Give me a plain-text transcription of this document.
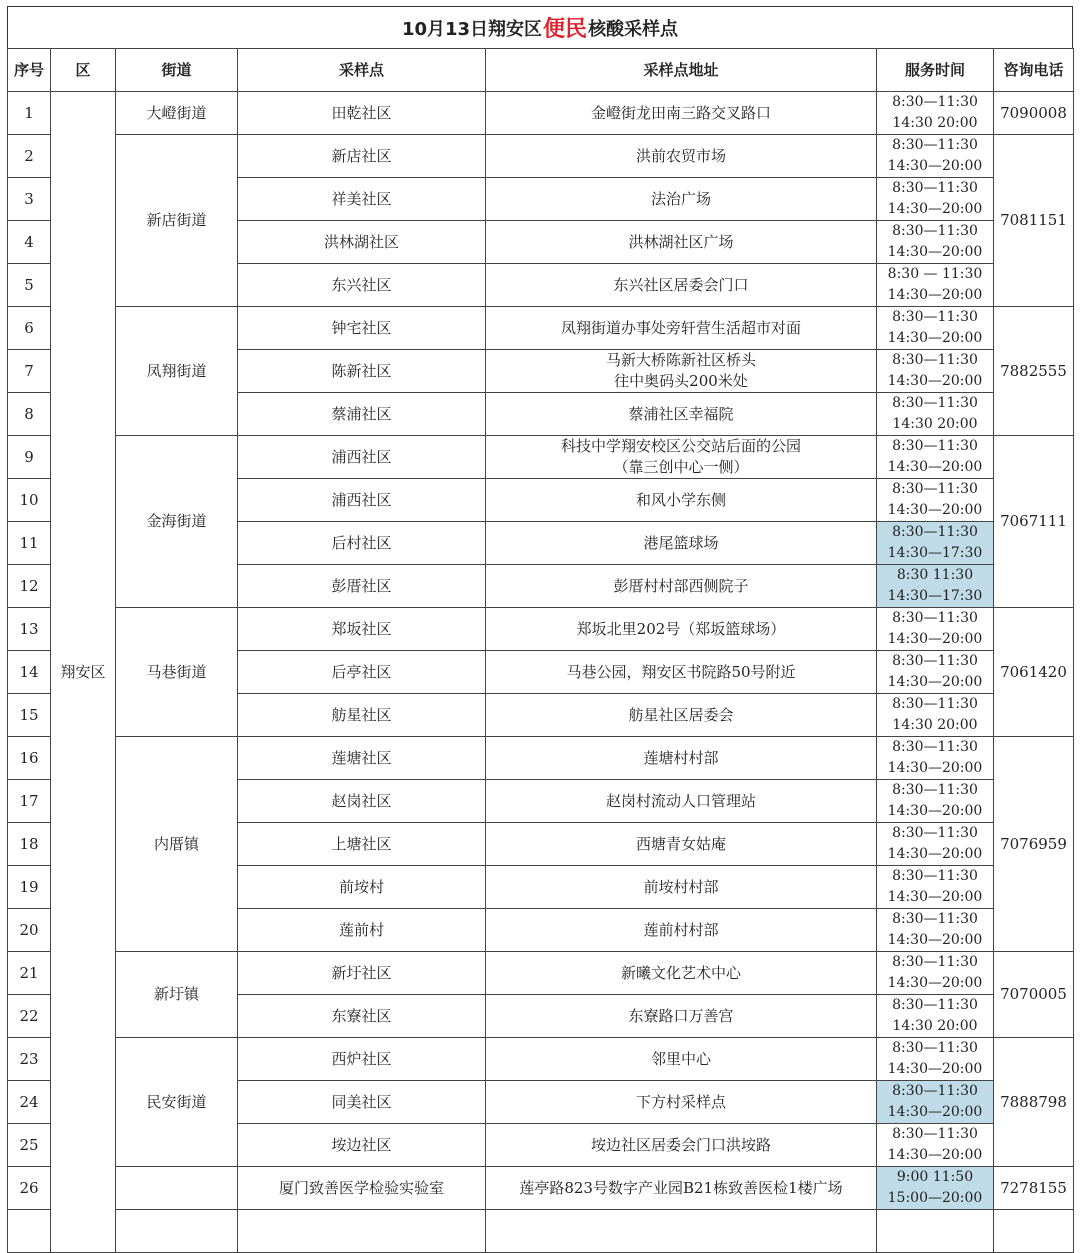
10月13日翔安区 便民 核酸采样点
序号	区	街道	采样点	采样点地址	服务时间	咨询电话
1	翔安区	大嶝街道	田乾社区	金嶝街龙田南三路交叉路口	8:30—11:30
14:30 20:00	7090008
2		新店街道	新店社区	洪前农贸市场	8:30—11:30
14:30—20:00	7081151
3			祥美社区	法治广场	8:30—11:30
14:30—20:00	

4			洪林湖社区	洪林湖社区广场	8:30—11:30
14:30—20:00	

5			东兴社区	东兴社区居委会门口	8:30 — 11:30
14:30—20:00	

6		凤翔街道	钟宅社区	凤翔街道办事处旁轩营生活超市对面	8:30—11:30
14:30—20:00	7882555
7			陈新社区	马新大桥陈新社区桥头
往中奥码头200米处	8:30—11:30
14:30—20:00	

8			蔡浦社区	蔡浦社区幸福院	8:30—11:30
14:30 20:00	

9		金海街道	浦西社区	科技中学翔安校区公交站后面的公园
（靠三创中心一侧）	8:30—11:30
14:30—20:00	7067111
10			浦西社区	和风小学东侧	8:30—11:30
14:30—20:00	

11			后村社区	港尾篮球场	8:30—11:30
14:30—17:30	

12			彭厝社区	彭厝村村部西侧院子	8:30 11:30
14:30—17:30	

13		马巷街道	郑坂社区	郑坂北里202号（郑坂篮球场）	8:30—11:30
14:30—20:00	7061420
14			后亭社区	马巷公园，翔安区书院路50号附近	8:30—11:30
14:30—20:00	

15			舫星社区	舫星社区居委会	8:30—11:30
14:30 20:00	

16		内厝镇	莲塘社区	莲塘村村部	8:30—11:30
14:30—20:00	7076959
17			赵岗社区	赵岗村流动人口管理站	8:30—11:30
14:30—20:00	

18			上塘社区	西塘青女姑庵	8:30—11:30
14:30—20:00	

19			前垵村	前垵村村部	8:30—11:30
14:30—20:00	

20			莲前村	莲前村村部	8:30—11:30
14:30—20:00	

21		新圩镇	新圩社区	新曦文化艺术中心	8:30—11:30
14:30—20:00	7070005
22			东寮社区	东寮路口万善宫	8:30—11:30
14:30 20:00	

23		民安街道	西炉社区	邻里中心	8:30—11:30
14:30—20:00	7888798
24			同美社区	下方村采样点	8:30—11:30
14:30—20:00	

25			垵边社区	垵边社区居委会门口洪垵路	8:30—11:30
14:30—20:00	

26			厦门致善医学检验实验室	莲亭路823号数字产业园B21栋致善医检1楼广场	9:00 11:50
15:00—20:00	7278155
